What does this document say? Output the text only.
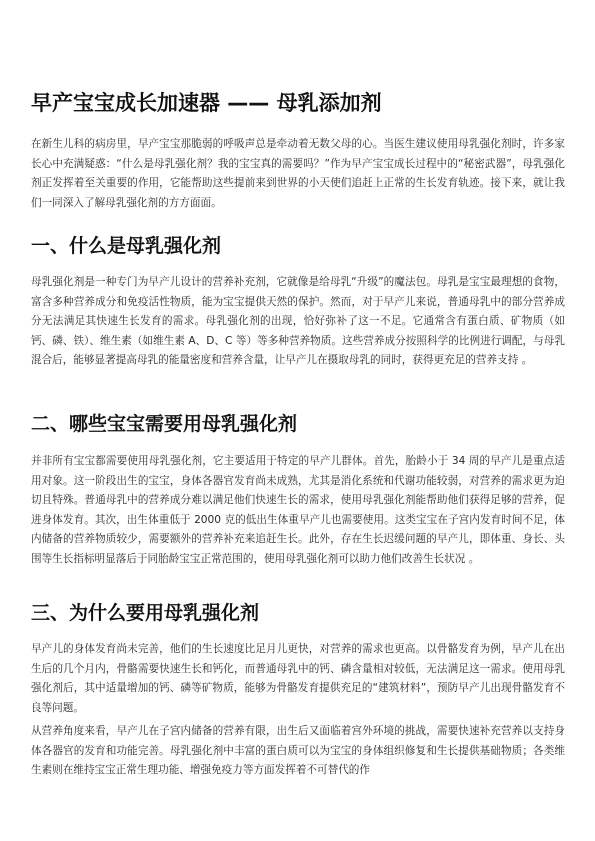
早产宝宝成长加速器 —— 母乳添加剂

在新生儿科的病房里，早产宝宝那脆弱的呼吸声总是牵动着无数父母的心。当医生建议使用母乳强化剂时，许多家长心中充满疑惑：“什么是母乳强化剂？我的宝宝真的需要吗？”作为早产宝宝成长过程中的“秘密武器”，母乳强化剂正发挥着至关重要的作用，它能帮助这些提前来到世界的小天使们追赶上正常的生长发育轨迹。接下来，就让我们一同深入了解母乳强化剂的方方面面。

一、什么是母乳强化剂

母乳强化剂是一种专门为早产儿设计的营养补充剂，它就像是给母乳“升级”的魔法包。母乳是宝宝最理想的食物，富含多种营养成分和免疫活性物质，能为宝宝提供天然的保护。然而，对于早产儿来说，普通母乳中的部分营养成分无法满足其快速生长发育的需求。母乳强化剂的出现，恰好弥补了这一不足。它通常含有蛋白质、矿物质（如钙、磷、铁）、维生素（如维生素 A、D、C 等）等多种营养物质。这些营养成分按照科学的比例进行调配，与母乳混合后，能够显著提高母乳的能量密度和营养含量，让早产儿在摄取母乳的同时，获得更充足的营养支持 。

二、哪些宝宝需要用母乳强化剂

并非所有宝宝都需要使用母乳强化剂，它主要适用于特定的早产儿群体。首先，胎龄小于 34 周的早产儿是重点适用对象。这一阶段出生的宝宝，身体各器官发育尚未成熟，尤其是消化系统和代谢功能较弱，对营养的需求更为迫切且特殊。普通母乳中的营养成分难以满足他们快速生长的需求，使用母乳强化剂能帮助他们获得足够的营养，促进身体发育。其次，出生体重低于 2000 克的低出生体重早产儿也需要使用。这类宝宝在子宫内发育时间不足，体内储备的营养物质较少，需要额外的营养补充来追赶生长。此外，存在生长迟缓问题的早产儿，即体重、身长、头围等生长指标明显落后于同胎龄宝宝正常范围的，使用母乳强化剂可以助力他们改善生长状况 。

三、为什么要用母乳强化剂

早产儿的身体发育尚未完善，他们的生长速度比足月儿更快，对营养的需求也更高。以骨骼发育为例，早产儿在出生后的几个月内，骨骼需要快速生长和钙化，而普通母乳中的钙、磷含量相对较低，无法满足这一需求。使用母乳强化剂后，其中适量增加的钙、磷等矿物质，能够为骨骼发育提供充足的“建筑材料”，预防早产儿出现骨骼发育不良等问题。

从营养角度来看，早产儿在子宫内储备的营养有限，出生后又面临着宫外环境的挑战，需要快速补充营养以支持身体各器官的发育和功能完善。母乳强化剂中丰富的蛋白质可以为宝宝的身体组织修复和生长提供基础物质；各类维生素则在维持宝宝正常生理功能、增强免疫力等方面发挥着不可替代的作
